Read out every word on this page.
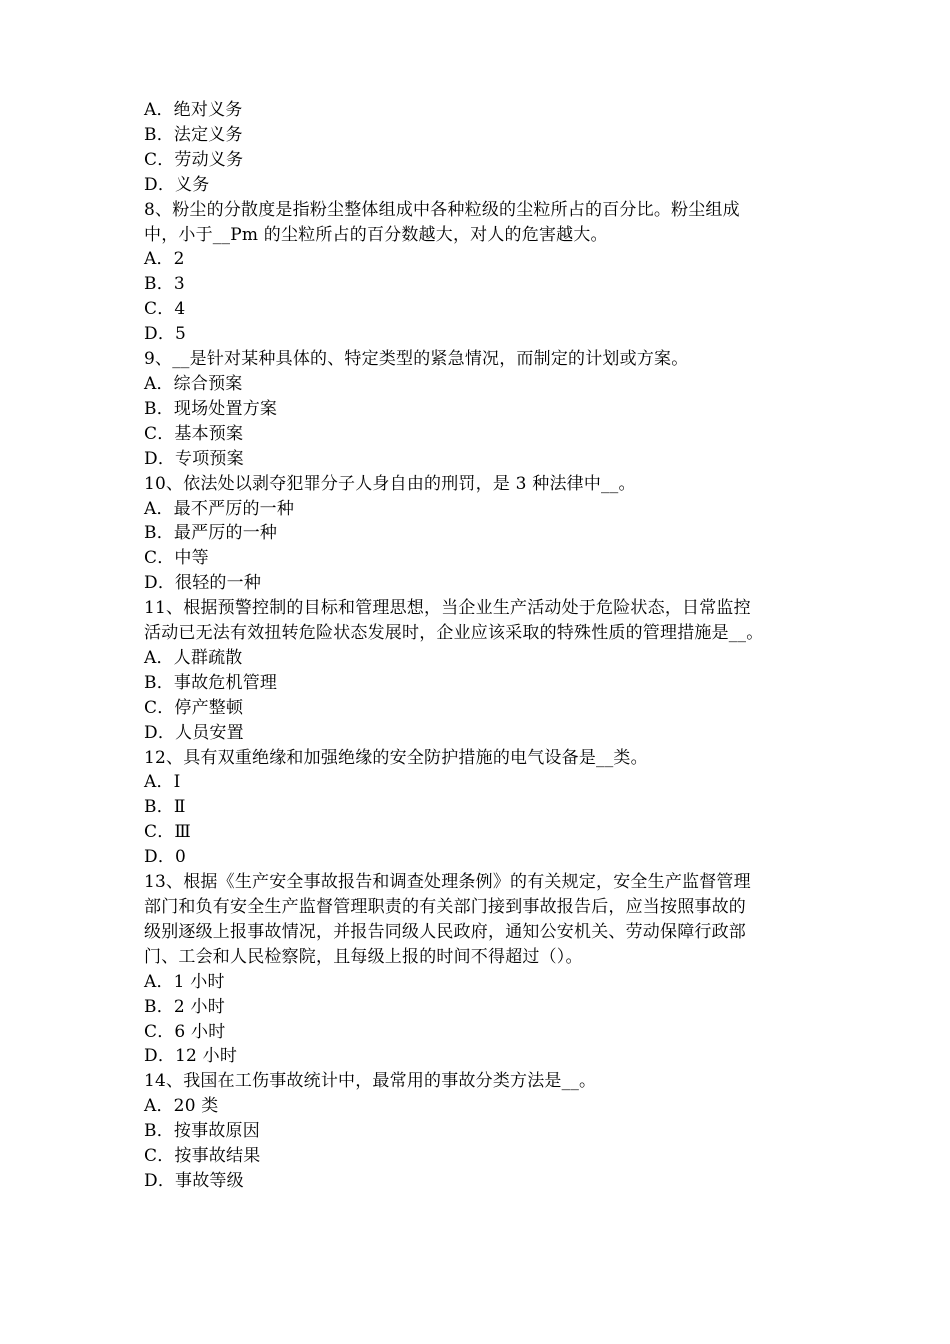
A．绝对义务
B．法定义务
C．劳动义务
D．义务
8、粉尘的分散度是指粉尘整体组成中各种粒级的尘粒所占的百分比。粉尘组成
中，小于__Pm 的尘粒所占的百分数越大，对人的危害越大。
A．2
B．3
C．4
D．5
9、__是针对某种具体的、特定类型的紧急情况，而制定的计划或方案。
A．综合预案
B．现场处置方案
C．基本预案
D．专项预案
10、依法处以剥夺犯罪分子人身自由的刑罚，是 3 种法律中__。
A．最不严厉的一种
B．最严厉的一种
C．中等
D．很轻的一种
11、根据预警控制的目标和管理思想，当企业生产活动处于危险状态，日常监控
活动已无法有效扭转危险状态发展时，企业应该采取的特殊性质的管理措施是__。
A．人群疏散
B．事故危机管理
C．停产整顿
D．人员安置
12、具有双重绝缘和加强绝缘的安全防护措施的电气设备是__类。
A．Ⅰ
B．Ⅱ
C．Ⅲ
D．0
13、根据《生产安全事故报告和调查处理条例》的有关规定，安全生产监督管理
部门和负有安全生产监督管理职责的有关部门接到事故报告后，应当按照事故的
级别逐级上报事故情况，并报告同级人民政府，通知公安机关、劳动保障行政部
门、工会和人民检察院，且每级上报的时间不得超过（）。
A．1 小时
B．2 小时
C．6 小时
D．12 小时
14、我国在工伤事故统计中，最常用的事故分类方法是__。
A．20 类
B．按事故原因
C．按事故结果
D．事故等级
